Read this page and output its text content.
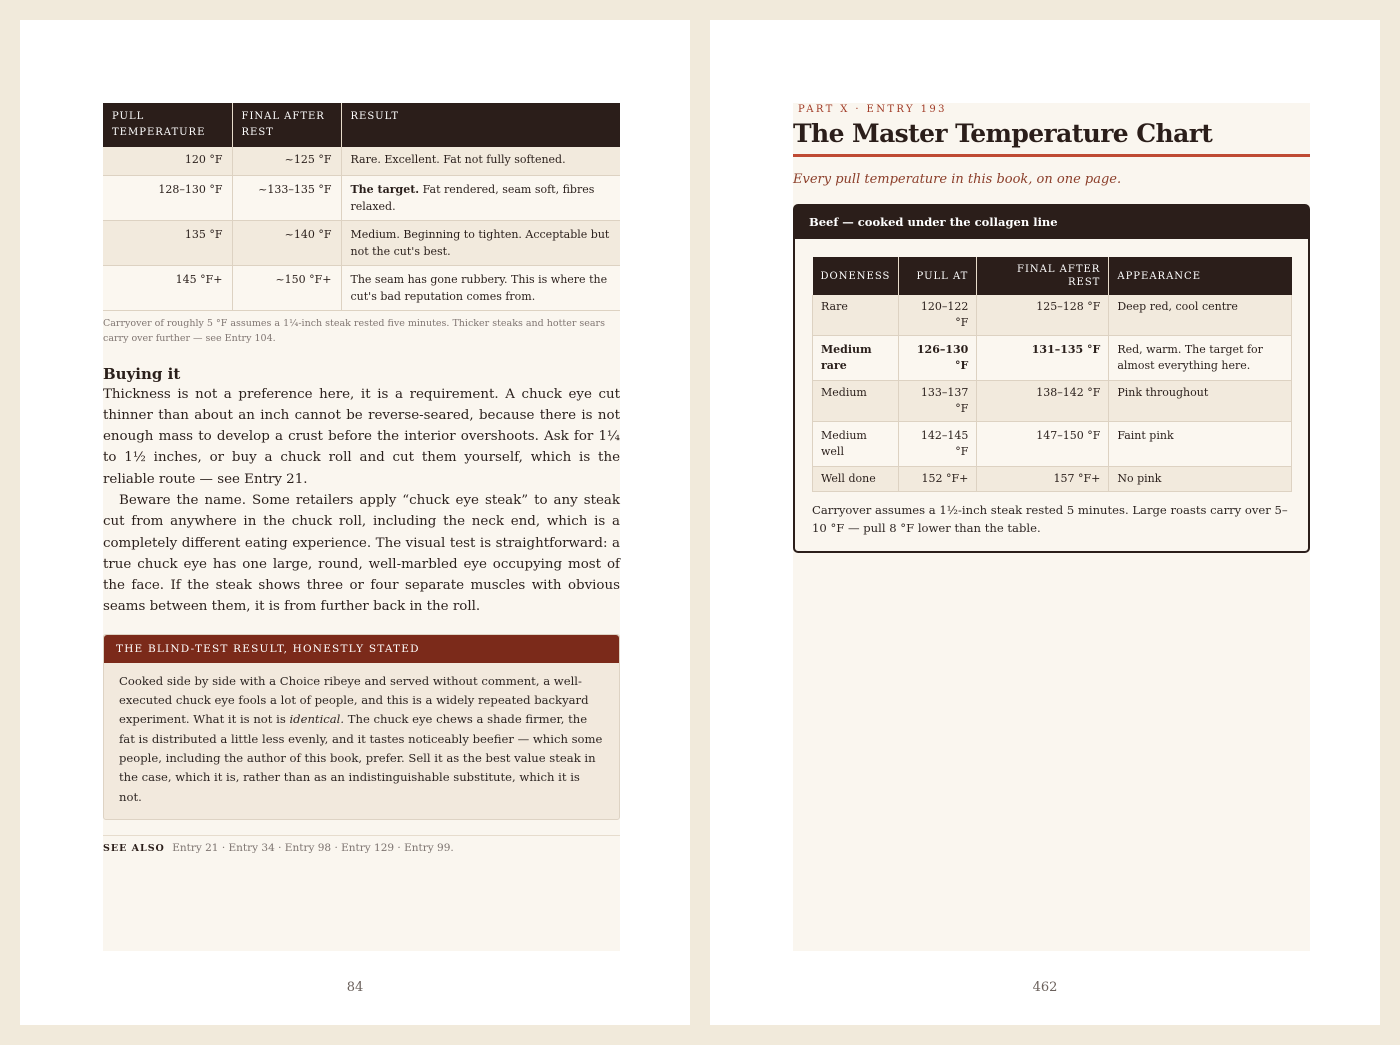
PULL TEMPERATURE	FINAL AFTER REST	RESULT
120 °F	~125 °F	Rare. Excellent. Fat not fully softened.
128–130 °F	~133–135 °F	The target. Fat rendered, seam soft, fibres relaxed.
135 °F	~140 °F	Medium. Beginning to tighten. Acceptable but not the cut's best.
145 °F+	~150 °F+	The seam has gone rubbery. This is where the cut's bad reputation comes from.
Carryover of roughly 5 °F assumes a 1¼-inch steak rested five minutes. Thicker steaks and hotter sears carry over further — see Entry 104.
Buying it

Thickness is not a preference here, it is a requirement. A chuck eye cut thinner than about an inch cannot be reverse-seared, because there is not enough mass to develop a crust before the interior overshoots. Ask for 1¼ to 1½ inches, or buy a chuck roll and cut them yourself, which is the reliable route — see Entry 21.

Beware the name. Some retailers apply “chuck eye steak” to any steak cut from anywhere in the chuck roll, including the neck end, which is a completely different eating experience. The visual test is straightforward: a true chuck eye has one large, round, well-marbled eye occupying most of the face. If the steak shows three or four separate muscles with obvious seams between them, it is from further back in the roll.

THE BLIND-TEST RESULT, HONESTLY STATED
Cooked side by side with a Choice ribeye and served without comment, a well-executed chuck eye fools a lot of people, and this is a widely repeated backyard experiment. What it is not is identical. The chuck eye chews a shade firmer, the fat is distributed a little less evenly, and it tastes noticeably beefier — which some people, including the author of this book, prefer. Sell it as the best value steak in the case, which it is, rather than as an indistinguishable substitute, which it is not.
SEE ALSO Entry 21 · Entry 34 · Entry 98 · Entry 129 · Entry 99.
84
PART X · ENTRY 193
The Master Temperature Chart
Every pull temperature in this book, on one page.
Beef — cooked under the collagen line
DONENESS	PULL AT	FINAL AFTER REST	APPEARANCE
Rare	120–122 °F	125–128 °F	Deep red, cool centre
Medium rare	126–130 °F	131–135 °F	Red, warm. The target for almost everything here.
Medium	133–137 °F	138–142 °F	Pink throughout
Medium well	142–145 °F	147–150 °F	Faint pink
Well done	152 °F+	157 °F+	No pink
Carryover assumes a 1½-inch steak rested 5 minutes. Large roasts carry over 5–10 °F — pull 8 °F lower than the table.
462
